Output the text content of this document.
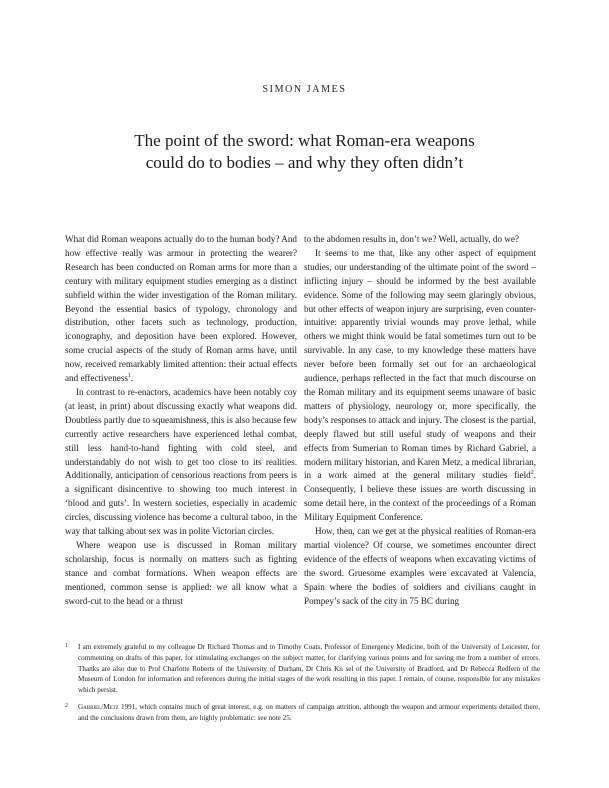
SIMON JAMES
The point of the sword: what Roman-era weapons
could do to bodies – and why they often didn’t

What did Roman weapons actually do to the human body? And how effective really was armour in protecting the wearer? Research has been conducted on Roman arms for more than a century with military equipment studies emerging as a distinct subfield within the wider investigation of the Roman military. Beyond the essential basics of typology, chronology and distribution, other facets such as technology, production, iconography, and deposition have been explored. However, some crucial aspects of the study of Roman arms have, until now, received remarkably limited attention: their actual effects and effectiveness$^1$.

In contrast to re-enactors, academics have been notably coy (at least, in print) about discussing exactly what weapons did. Doubtless partly due to squeamishness, this is also because few currently active researchers have experienced lethal combat, still less hand-to-hand fighting with cold steel, and understandably do not wish to get too close to its realities. Additionally, anticipation of censorious reactions from peers is a significant disincentive to showing too much interest in ‘blood and guts’. In western societies, especially in academic circles, discussing violence has become a cultural taboo, in the way that talking about sex was in polite Victorian circles.

Where weapon use is discussed in Roman military scholarship, focus is normally on matters such as fighting stance and combat formations. When weapon effects are mentioned, common sense is applied: we all know what a sword-cut to the head or a thrust

to the abdomen results in, don’t we? Well, actually, do we?

It seems to me that, like any other aspect of equipment studies, our understanding of the ultimate point of the sword – inflicting injury – should be informed by the best available evidence. Some of the following may seem glaringly obvious, but other effects of weapon injury are surprising, even counter-intuitive: apparently trivial wounds may prove lethal, while others we might think would be fatal sometimes turn out to be survivable. In any case, to my knowledge these matters have never before been formally set out for an archaeological audience, perhaps reflected in the fact that much discourse on the Roman military and its equipment seems unaware of basic matters of physiology, neurology or, more specifically, the body’s responses to attack and injury. The closest is the partial, deeply flawed but still useful study of weapons and their effects from Sumerian to Roman times by Richard Gabriel, a modern military historian, and Karen Metz, a medical librarian, in a work aimed at the general military studies field$^2$. Consequently, I believe these issues are worth discussing in some detail here, in the context of the proceedings of a Roman Military Equipment Conference.

How, then, can we get at the physical realities of Roman-era martial violence? Of course, we sometimes encounter direct evidence of the effects of weapons when excavating victims of the sword. Gruesome examples were excavated at Valencia, Spain where the bodies of soldiers and civilians caught in Pompey’s sack of the city in 75 BC during

1 I am extremely grateful to my colleague Dr Richard Thomas and to Timothy Coats, Professor of Emergency Medicine, both of the University of Leicester, for commenting on drafts of this paper, for stimulating exchanges on the subject matter, for clarifying various points and for saving me from a number of errors. Thanks are also due to Prof Charlotte Roberts of the University of Durham, Dr Chris Kn sel of the University of Bradford, and Dr Rebecca Redfern of the Museum of London for information and references during the initial stages of the work resulting in this paper. I remain, of course, responsible for any mistakes which persist.
2 Gabriel/Metz 1991, which contains much of great interest, e.g. on matters of campaign attrition, although the weapon and armour experiments detailed there, and the conclusions drawn from them, are highly problematic: see note 25.
